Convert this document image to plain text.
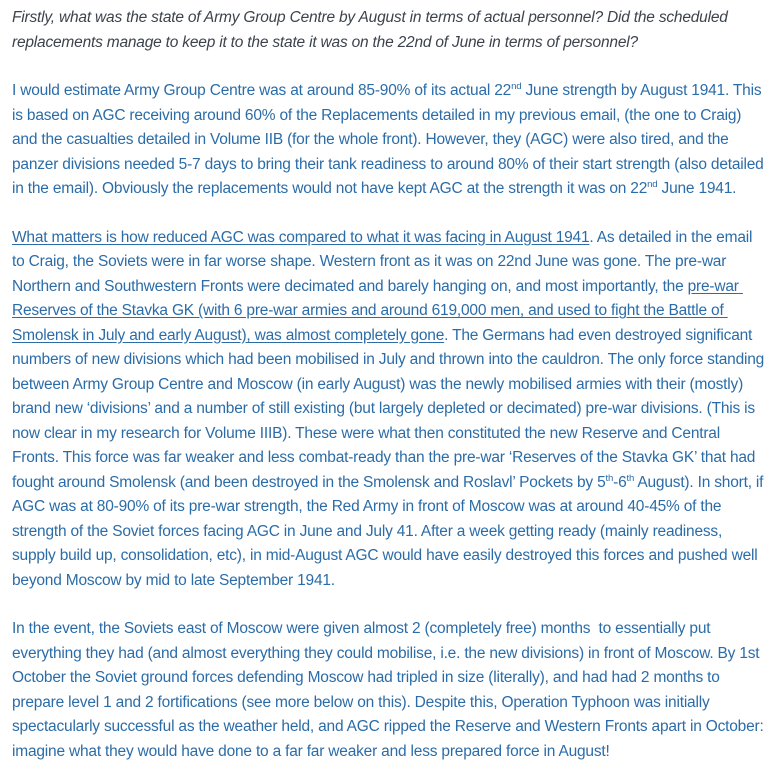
Firstly, what was the state of Army Group Centre by August in terms of actual personnel? Did the scheduled replacements manage to keep it to the state it was on the 22nd of June in terms of personnel?

I would estimate Army Group Centre was at around 85-90% of its actual 22nd June strength by August 1941. This is based on AGC receiving around 60% of the Replacements detailed in my previous email, (the one to Craig) and the casualties detailed in Volume IIB (for the whole front). However, they (AGC) were also tired, and the panzer divisions needed 5-7 days to bring their tank readiness to around 80% of their start strength (also detailed in the email). Obviously the replacements would not have kept AGC at the strength it was on 22nd June 1941.

What matters is how reduced AGC was compared to what it was facing in August 1941. As detailed in the email to Craig, the Soviets were in far worse shape. Western front as it was on 22nd June was gone. The pre-war Northern and Southwestern Fronts were decimated and barely hanging on, and most importantly, the pre-war Reserves of the Stavka GK (with 6 pre-war armies and around 619,000 men, and used to fight the Battle of Smolensk in July and early August), was almost completely gone. The Germans had even destroyed significant numbers of new divisions which had been mobilised in July and thrown into the cauldron. The only force standing between Army Group Centre and Moscow (in early August) was the newly mobilised armies with their (mostly) brand new ‘divisions’ and a number of still existing (but largely depleted or decimated) pre-war divisions. (This is now clear in my research for Volume IIIB). These were what then constituted the new Reserve and Central Fronts. This force was far weaker and less combat-ready than the pre-war ‘Reserves of the Stavka GK’ that had fought around Smolensk (and been destroyed in the Smolensk and Roslavl’ Pockets by 5th-6th August). In short, if AGC was at 80-90% of its pre-war strength, the Red Army in front of Moscow was at around 40-45% of the strength of the Soviet forces facing AGC in June and July 41. After a week getting ready (mainly readiness, supply build up, consolidation, etc), in mid-August AGC would have easily destroyed this forces and pushed well beyond Moscow by mid to late September 1941.

In the event, the Soviets east of Moscow were given almost 2 (completely free) months  to essentially put everything they had (and almost everything they could mobilise, i.e. the new divisions) in front of Moscow. By 1st October the Soviet ground forces defending Moscow had tripled in size (literally), and had had 2 months to prepare level 1 and 2 fortifications (see more below on this). Despite this, Operation Typhoon was initially spectacularly successful as the weather held, and AGC ripped the Reserve and Western Fronts apart in October: imagine what they would have done to a far far weaker and less prepared force in August!
